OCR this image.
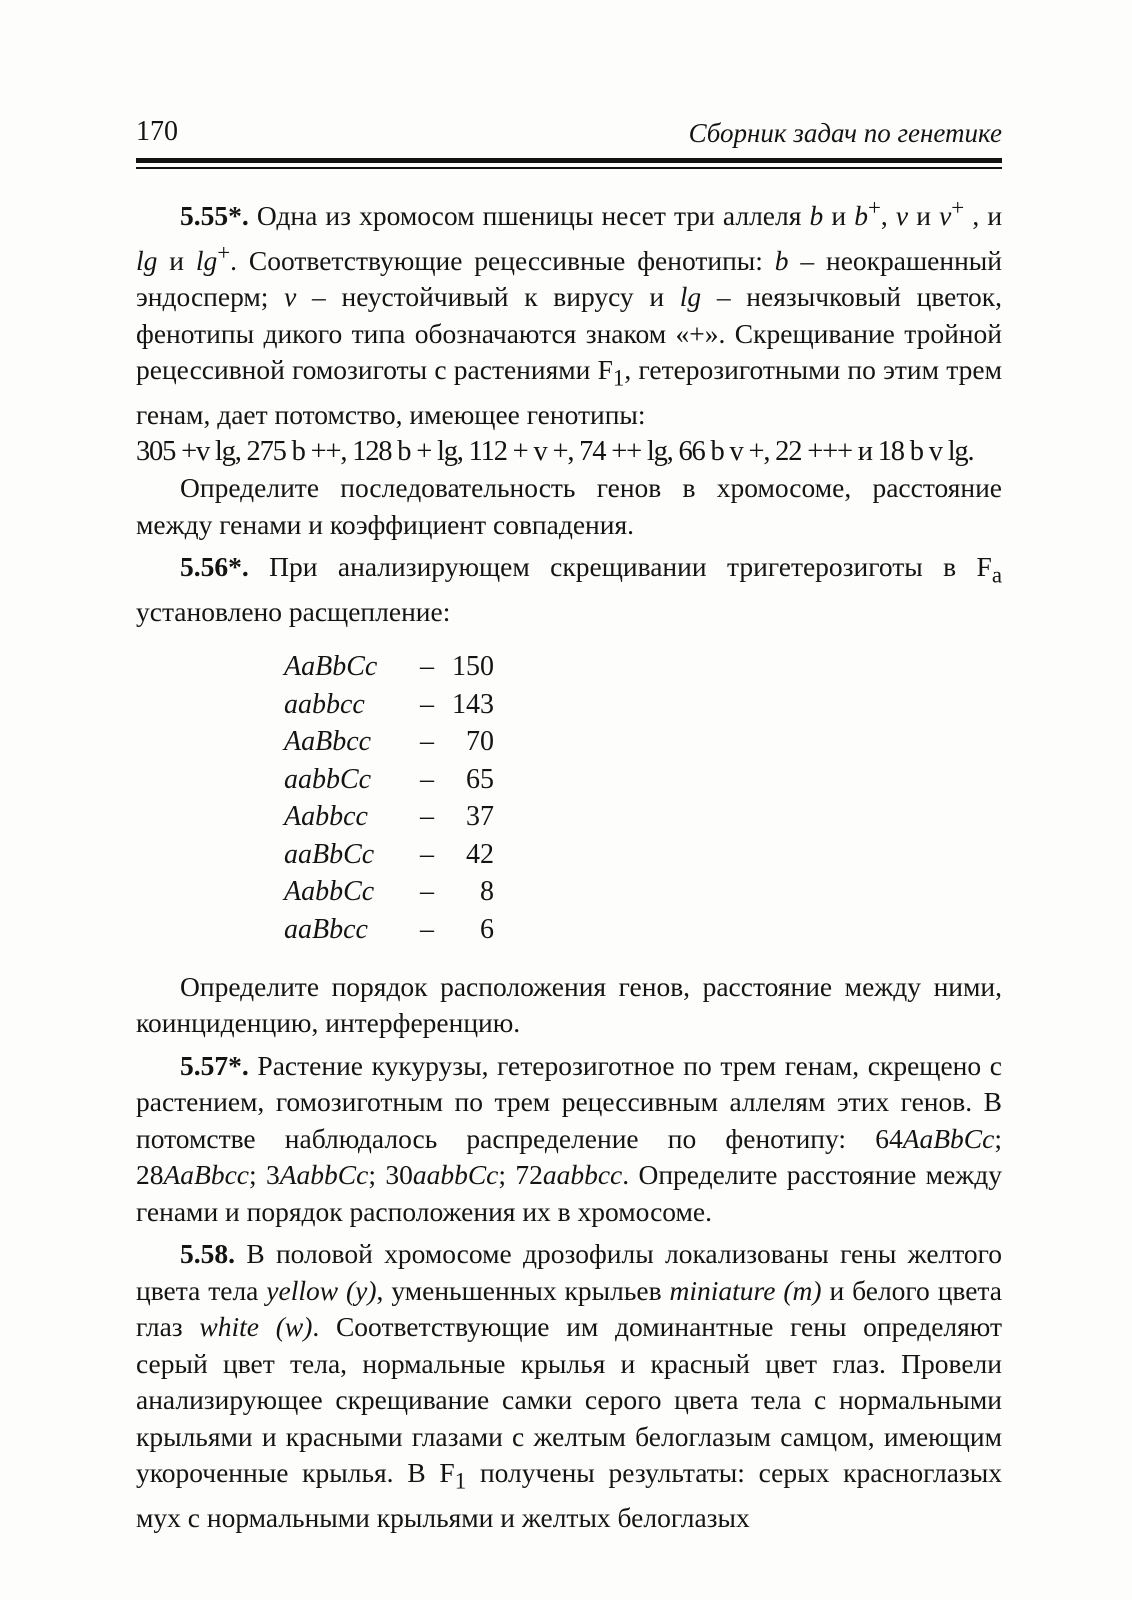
170	Сборник задач по генетике

5.55*. Одна из хромосом пшеницы несет три аллеля b и b+, v и v+ , и lg и lg+. Соответствующие рецессивные фенотипы: b – неокрашенный эндосперм; v – неустойчивый к вирусу и lg – неязычковый цветок, фенотипы дикого типа обозначаются знаком «+». Скрещивание тройной рецессивной гомозиготы с растениями $F_1$, гетерозиготными по этим трем генам, дает потомство, имеющее генотипы:

305 +v lg, 275 b ++, 128 b + lg, 112 + v +, 74 ++ lg, 66 b v +, 22 +++ и 18 b v lg.

Определите последовательность генов в хромосоме, расстояние между генами и коэффициент совпадения.

5.56*. При анализирующем скрещивании тригетерозиготы в $F_a$ установлено расщепление:

AaBbCc	–	150
aabbcc	–	143
AaBbcc	–	70
aabbCc	–	65
Aabbcc	–	37
aaBbCc	–	42
AabbCc	–	8
aaBbcc	–	6

Определите порядок расположения генов, расстояние между ними, коинциденцию, интерференцию.

5.57*. Растение кукурузы, гетерозиготное по трем генам, скрещено с растением, гомозиготным по трем рецессивным аллелям этих генов. В потомстве наблюдалось распределение по фенотипу: 64AaBbCc; 28AaBbcc; 3AabbCc; 30aabbCc; 72aabbcc. Определите расстояние между генами и порядок расположения их в хромосоме.

5.58. В половой хромосоме дрозофилы локализованы гены желтого цвета тела yellow (y), уменьшенных крыльев miniature (m) и белого цвета глаз white (w). Соответствующие им доминантные гены определяют серый цвет тела, нормальные крылья и красный цвет глаз. Провели анализирующее скрещивание самки серого цвета тела с нормальными крыльями и красными глазами с желтым белоглазым самцом, имеющим укороченные крылья. В $F_1$ получены результаты: серых красноглазых мух с нормальными крыльями и желтых белоглазых
